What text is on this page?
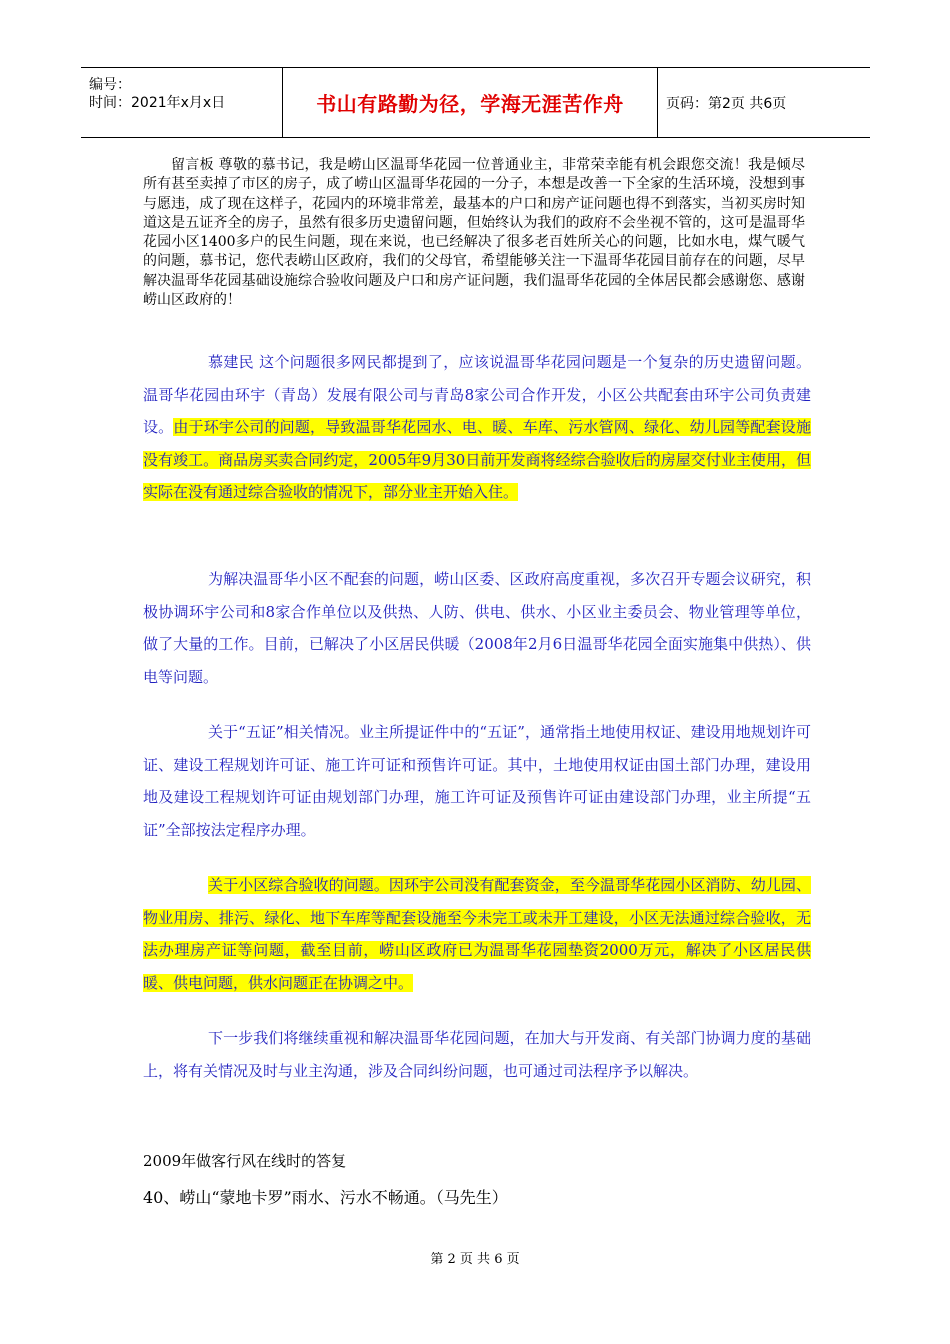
编号：
时间：2021年x月x日	书山有路勤为径，学海无涯苦作舟	页码：第2页 共6页
留言板 尊敬的慕书记，我是崂山区温哥华花园一位普通业主，非常荣幸能有机会跟您交流！我是倾尽所有甚至卖掉了市区的房子，成了崂山区温哥华花园的一分子，本想是改善一下全家的生活环境，没想到事与愿违，成了现在这样子，花园内的环境非常差，最基本的户口和房产证问题也得不到落实，当初买房时知道这是五证齐全的房子，虽然有很多历史遗留问题，但始终认为我们的政府不会坐视不管的，这可是温哥华花园小区1400多户的民生问题，现在来说，也已经解决了很多老百姓所关心的问题，比如水电，煤气暖气的问题，慕书记，您代表崂山区政府，我们的父母官，希望能够关注一下温哥华花园目前存在的问题，尽早解决温哥华花园基础设施综合验收问题及户口和房产证问题，我们温哥华花园的全体居民都会感谢您、感谢崂山区政府的！
慕建民 这个问题很多网民都提到了，应该说温哥华花园问题是一个复杂的历史遗留问题。温哥华花园由环宇（青岛）发展有限公司与青岛8家公司合作开发，小区公共配套由环宇公司负责建设。由于环宇公司的问题，导致温哥华花园水、电、暖、车库、污水管网、绿化、幼儿园等配套设施没有竣工。商品房买卖合同约定，2005年9月30日前开发商将经综合验收后的房屋交付业主使用，但实际在没有通过综合验收的情况下，部分业主开始入住。
为解决温哥华小区不配套的问题，崂山区委、区政府高度重视，多次召开专题会议研究，积极协调环宇公司和8家合作单位以及供热、人防、供电、供水、小区业主委员会、物业管理等单位，做了大量的工作。目前，已解决了小区居民供暖（2008年2月6日温哥华花园全面实施集中供热）、供电等问题。
关于“五证”相关情况。业主所提证件中的“五证”，通常指土地使用权证、建设用地规划许可证、建设工程规划许可证、施工许可证和预售许可证。其中，土地使用权证由国土部门办理，建设用地及建设工程规划许可证由规划部门办理，施工许可证及预售许可证由建设部门办理，业主所提“五证”全部按法定程序办理。
关于小区综合验收的问题。因环宇公司没有配套资金，至今温哥华花园小区消防、幼儿园、物业用房、排污、绿化、地下车库等配套设施至今未完工或未开工建设，小区无法通过综合验收，无法办理房产证等问题，截至目前，崂山区政府已为温哥华花园垫资2000万元，解决了小区居民供暖、供电问题，供水问题正在协调之中。
下一步我们将继续重视和解决温哥华花园问题，在加大与开发商、有关部门协调力度的基础上，将有关情况及时与业主沟通，涉及合同纠纷问题，也可通过司法程序予以解决。
2009年做客行风在线时的答复
40、崂山“蒙地卡罗”雨水、污水不畅通。（马先生）
第 2 页 共 6 页
